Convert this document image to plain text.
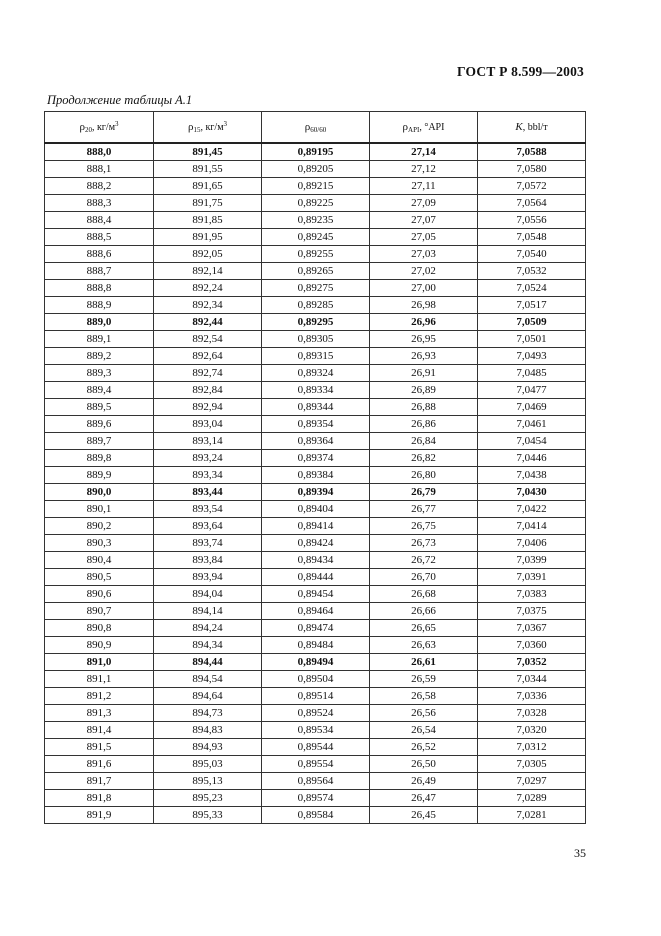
ГОСТ Р 8.599—2003
Продолжение таблицы А.1
$\rho_{20}$, $кг/м^3$	$\rho_{15}$, $кг/м^3$	$\rho_{60/60}$	$\rho_{API}$, °API	K, bbl/т
888,0	891,45	0,89195	27,14	7,0588
888,1	891,55	0,89205	27,12	7,0580
888,2	891,65	0,89215	27,11	7,0572
888,3	891,75	0,89225	27,09	7,0564
888,4	891,85	0,89235	27,07	7,0556
888,5	891,95	0,89245	27,05	7,0548
888,6	892,05	0,89255	27,03	7,0540
888,7	892,14	0,89265	27,02	7,0532
888,8	892,24	0,89275	27,00	7,0524
888,9	892,34	0,89285	26,98	7,0517
889,0	892,44	0,89295	26,96	7,0509
889,1	892,54	0,89305	26,95	7,0501
889,2	892,64	0,89315	26,93	7,0493
889,3	892,74	0,89324	26,91	7,0485
889,4	892,84	0,89334	26,89	7,0477
889,5	892,94	0,89344	26,88	7,0469
889,6	893,04	0,89354	26,86	7,0461
889,7	893,14	0,89364	26,84	7,0454
889,8	893,24	0,89374	26,82	7,0446
889,9	893,34	0,89384	26,80	7,0438
890,0	893,44	0,89394	26,79	7,0430
890,1	893,54	0,89404	26,77	7,0422
890,2	893,64	0,89414	26,75	7,0414
890,3	893,74	0,89424	26,73	7,0406
890,4	893,84	0,89434	26,72	7,0399
890,5	893,94	0,89444	26,70	7,0391
890,6	894,04	0,89454	26,68	7,0383
890,7	894,14	0,89464	26,66	7,0375
890,8	894,24	0,89474	26,65	7,0367
890,9	894,34	0,89484	26,63	7,0360
891,0	894,44	0,89494	26,61	7,0352
891,1	894,54	0,89504	26,59	7,0344
891,2	894,64	0,89514	26,58	7,0336
891,3	894,73	0,89524	26,56	7,0328
891,4	894,83	0,89534	26,54	7,0320
891,5	894,93	0,89544	26,52	7,0312
891,6	895,03	0,89554	26,50	7,0305
891,7	895,13	0,89564	26,49	7,0297
891,8	895,23	0,89574	26,47	7,0289
891,9	895,33	0,89584	26,45	7,0281
35
